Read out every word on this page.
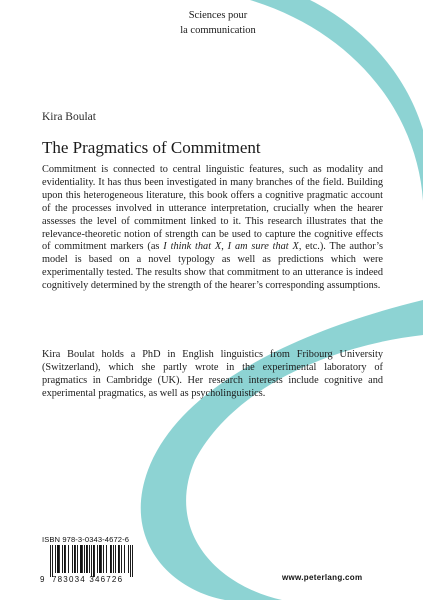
Sciences pour
la communication
Kira Boulat
The Pragmatics of Commitment

Commitment is connected to central linguistic features, such as modality and evidentiality. It has thus been investigated in many branches of the field. Building upon this heterogeneous literature, this book offers a cognitive pragmatic account of the processes involved in utterance interpretation, crucially when the hearer assesses the level of commitment linked to it. This research illustrates that the relevance-theoretic notion of strength can be used to capture the cognitive effects of commitment markers (as I think that X, I am sure that X, etc.). The author’s model is based on a novel typology as well as predictions which were experimentally tested. The results show that commitment to an utterance is indeed cognitively determined by the strength of the hearer’s corresponding assumptions.

Kira Boulat holds a PhD in English linguistics from Fribourg University (Switzerland), which she partly wrote in the experimental laboratory of pragmatics in Cambridge (UK). Her research interests include cognitive and experimental pragmatics, as well as psycholinguistics.

ISBN 978-3-0343-4672-6
9 783034 346726	www.peterlang.com
